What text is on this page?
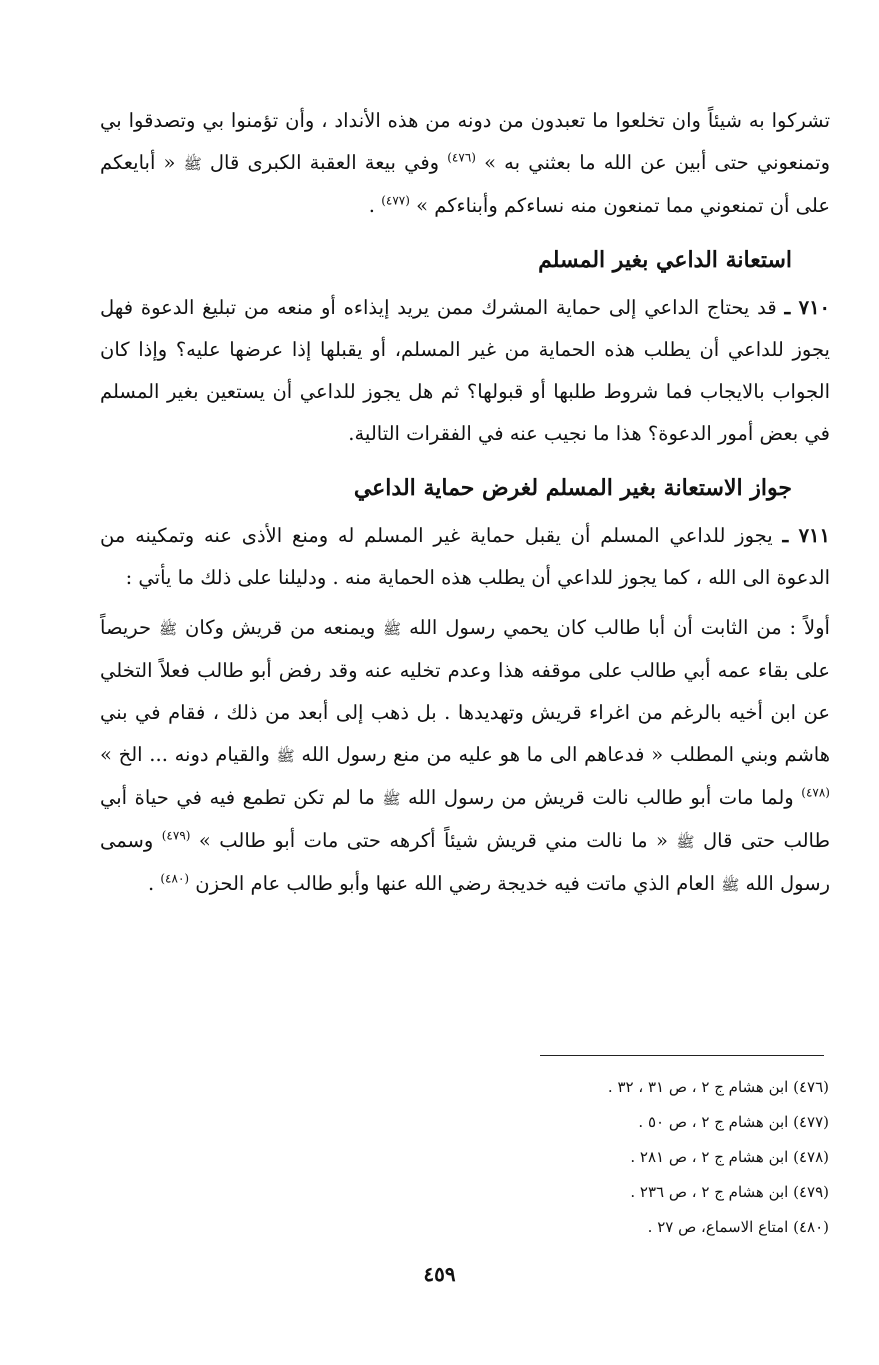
تشركوا به شيئاً وان تخلعوا ما تعبدون من دونه من هذه الأنداد ، وأن تؤمنوا بي وتصدقوا بي وتمنعوني حتى أبين عن الله ما بعثني به » $^{(٤٧٦)}$ وفي بيعة العقبة الكبرى قال ﷺ « أبايعكم على أن تمنعوني مما تمنعون منه نساءكم وأبناءكم » $^{(٤٧٧)}$ .

استعانة الداعي بغير المسلم

٧١٠ ـ قد يحتاج الداعي إلى حماية المشرك ممن يريد إيذاءه أو منعه من تبليغ الدعوة فهل يجوز للداعي أن يطلب هذه الحماية من غير المسلم، أو يقبلها إذا عرضها عليه؟ وإذا كان الجواب بالايجاب فما شروط طلبها أو قبولها؟ ثم هل يجوز للداعي أن يستعين بغير المسلم في بعض أمور الدعوة؟ هذا ما نجيب عنه في الفقرات التالية.

جواز الاستعانة بغير المسلم لغرض حماية الداعي

٧١١ ـ يجوز للداعي المسلم أن يقبل حماية غير المسلم له ومنع الأذى عنه وتمكينه من الدعوة الى الله ، كما يجوز للداعي أن يطلب هذه الحماية منه . ودليلنا على ذلك ما يأتي :

أولاً : من الثابت أن أبا طالب كان يحمي رسول الله ﷺ ويمنعه من قريش وكان ﷺ حريصاً على بقاء عمه أبي طالب على موقفه هذا وعدم تخليه عنه وقد رفض أبو طالب فعلاً التخلي عن ابن أخيه بالرغم من اغراء قريش وتهديدها . بل ذهب إلى أبعد من ذلك ، فقام في بني هاشم وبني المطلب « فدعاهم الى ما هو عليه من منع رسول الله ﷺ والقيام دونه ... الخ » $^{(٤٧٨)}$ ولما مات أبو طالب نالت قريش من رسول الله ﷺ ما لم تكن تطمع فيه في حياة أبي طالب حتى قال ﷺ « ما نالت مني قريش شيئاً أكرهه حتى مات أبو طالب » $^{(٤٧٩)}$ وسمى رسول الله ﷺ العام الذي ماتت فيه خديجة رضي الله عنها وأبو طالب عام الحزن $^{(٤٨٠)}$ .

(٤٧٦) ابن هشام ج ٢ ، ص ٣١ ، ٣٢ .
(٤٧٧) ابن هشام ج ٢ ، ص ٥٠ .
(٤٧٨) ابن هشام ج ٢ ، ص ٢٨١ .
(٤٧٩) ابن هشام ج ٢ ، ص ٢٣٦ .
(٤٨٠) امتاع الاسماع، ص ٢٧ .
٤٥٩
